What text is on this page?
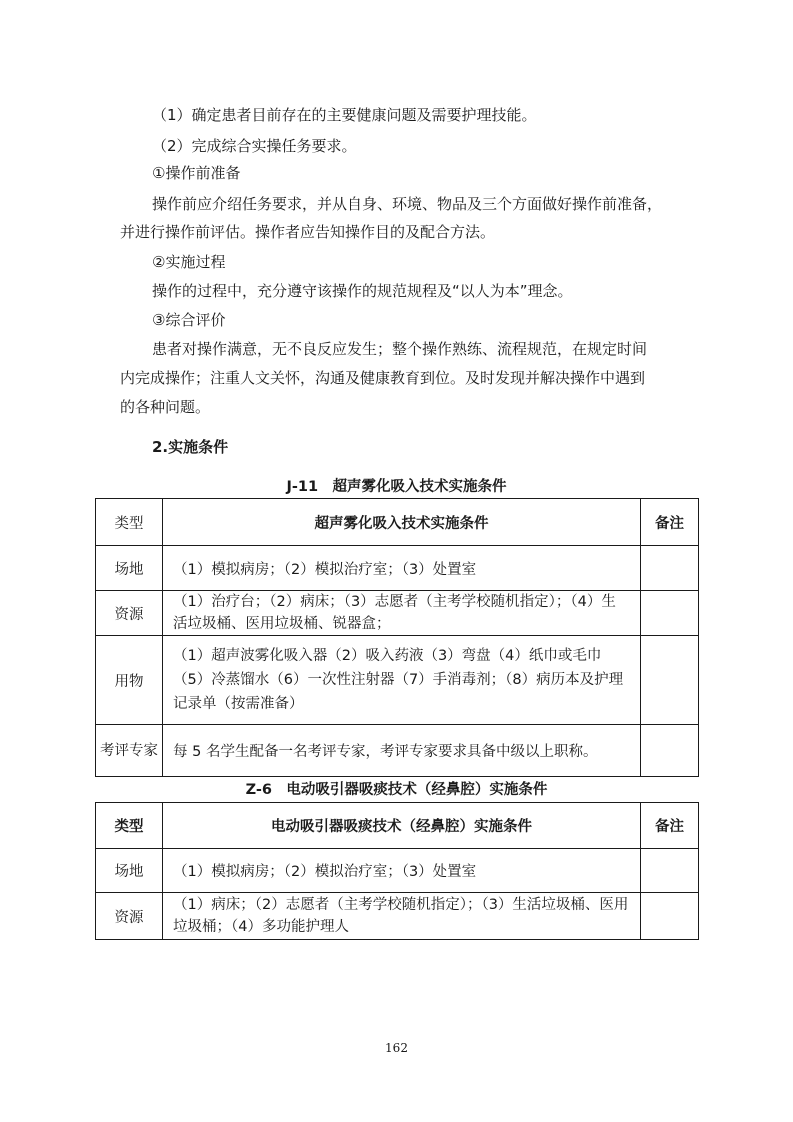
（1）确定患者目前存在的主要健康问题及需要护理技能。
（2）完成综合实操任务要求。
①操作前准备
操作前应介绍任务要求，并从自身、环境、物品及三个方面做好操作前准备，
并进行操作前评估。操作者应告知操作目的及配合方法。
②实施过程
操作的过程中，充分遵守该操作的规范规程及“以人为本”理念。
③综合评价
患者对操作满意，无不良反应发生；整个操作熟练、流程规范，在规定时间
内完成操作；注重人文关怀，沟通及健康教育到位。及时发现并解决操作中遇到
的各种问题。
2.实施条件
J-11　超声雾化吸入技术实施条件
类型	超声雾化吸入技术实施条件	备注
场地	（1）模拟病房；（2）模拟治疗室；（3）处置室	
资源	（1）治疗台；（2）病床；（3）志愿者（主考学校随机指定）；（4）生活垃圾桶、医用垃圾桶、锐器盒；	
用物	（1）超声波雾化吸入器（2）吸入药液（3）弯盘（4）纸巾或毛巾（5）冷蒸馏水（6）一次性注射器（7）手消毒剂；（8）病历本及护理记录单（按需准备）	
考评专家	每 5 名学生配备一名考评专家，考评专家要求具备中级以上职称。	
Z-6　电动吸引器吸痰技术（经鼻腔）实施条件
类型	电动吸引器吸痰技术（经鼻腔）实施条件	备注
场地	（1）模拟病房；（2）模拟治疗室；（3）处置室	
资源	（1）病床；（2）志愿者（主考学校随机指定）；（3）生活垃圾桶、医用垃圾桶；（4）多功能护理人	
162
